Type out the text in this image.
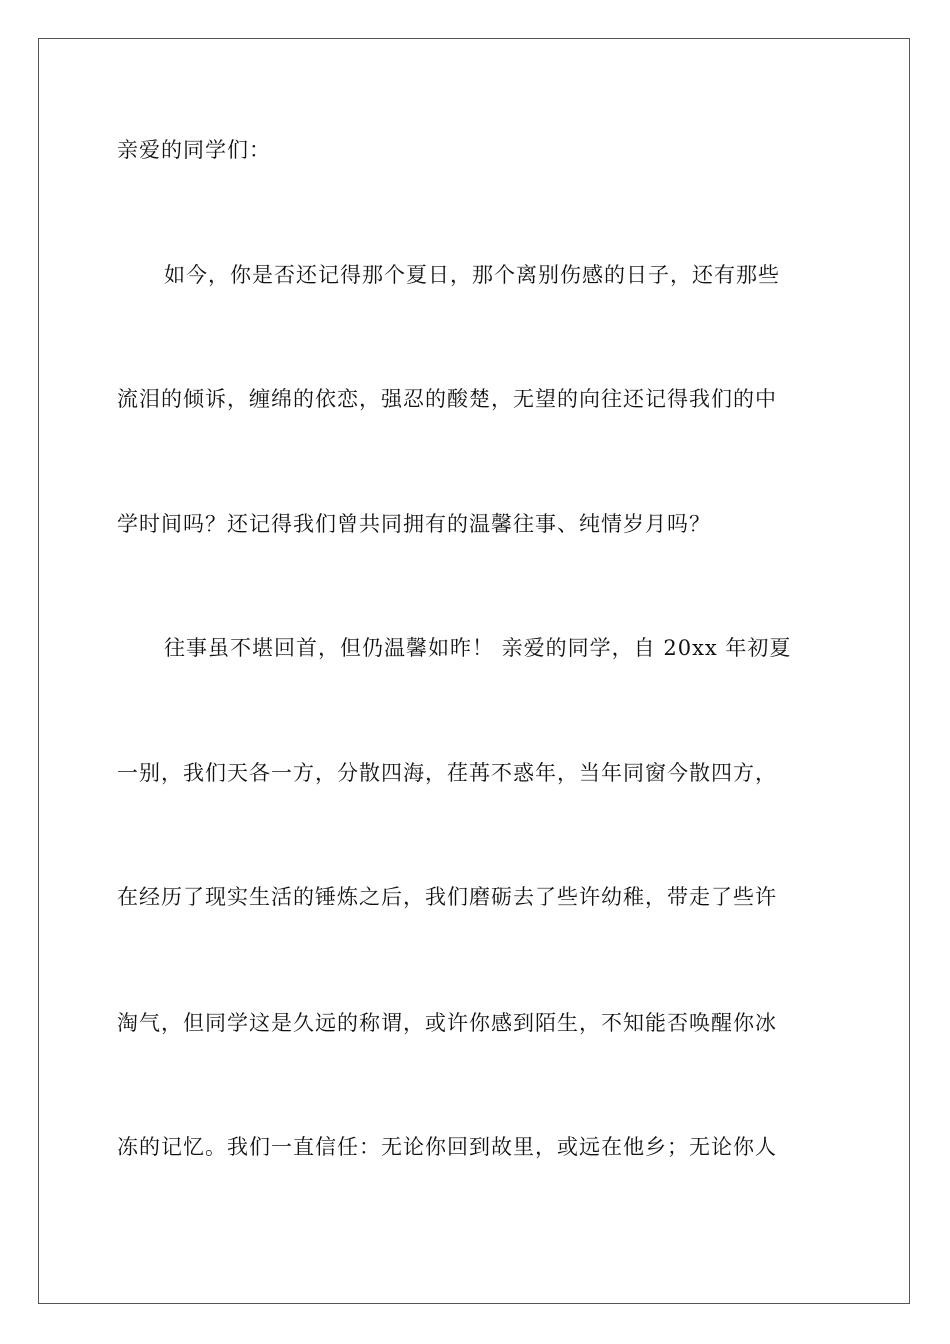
亲爱的同学们：
如今，你是否还记得那个夏日，那个离别伤感的日子，还有那些
流泪的倾诉，缠绵的依恋，强忍的酸楚，无望的向往还记得我们的中
学时间吗？还记得我们曾共同拥有的温馨往事、纯情岁月吗？
往事虽不堪回首，但仍温馨如昨！ 亲爱的同学，自 20xx 年初夏
一别，我们天各一方，分散四海，荏苒不惑年，当年同窗今散四方，
在经历了现实生活的锤炼之后，我们磨砺去了些许幼稚，带走了些许
淘气，但同学这是久远的称谓，或许你感到陌生，不知能否唤醒你冰
冻的记忆。我们一直信任：无论你回到故里，或远在他乡；无论你人
